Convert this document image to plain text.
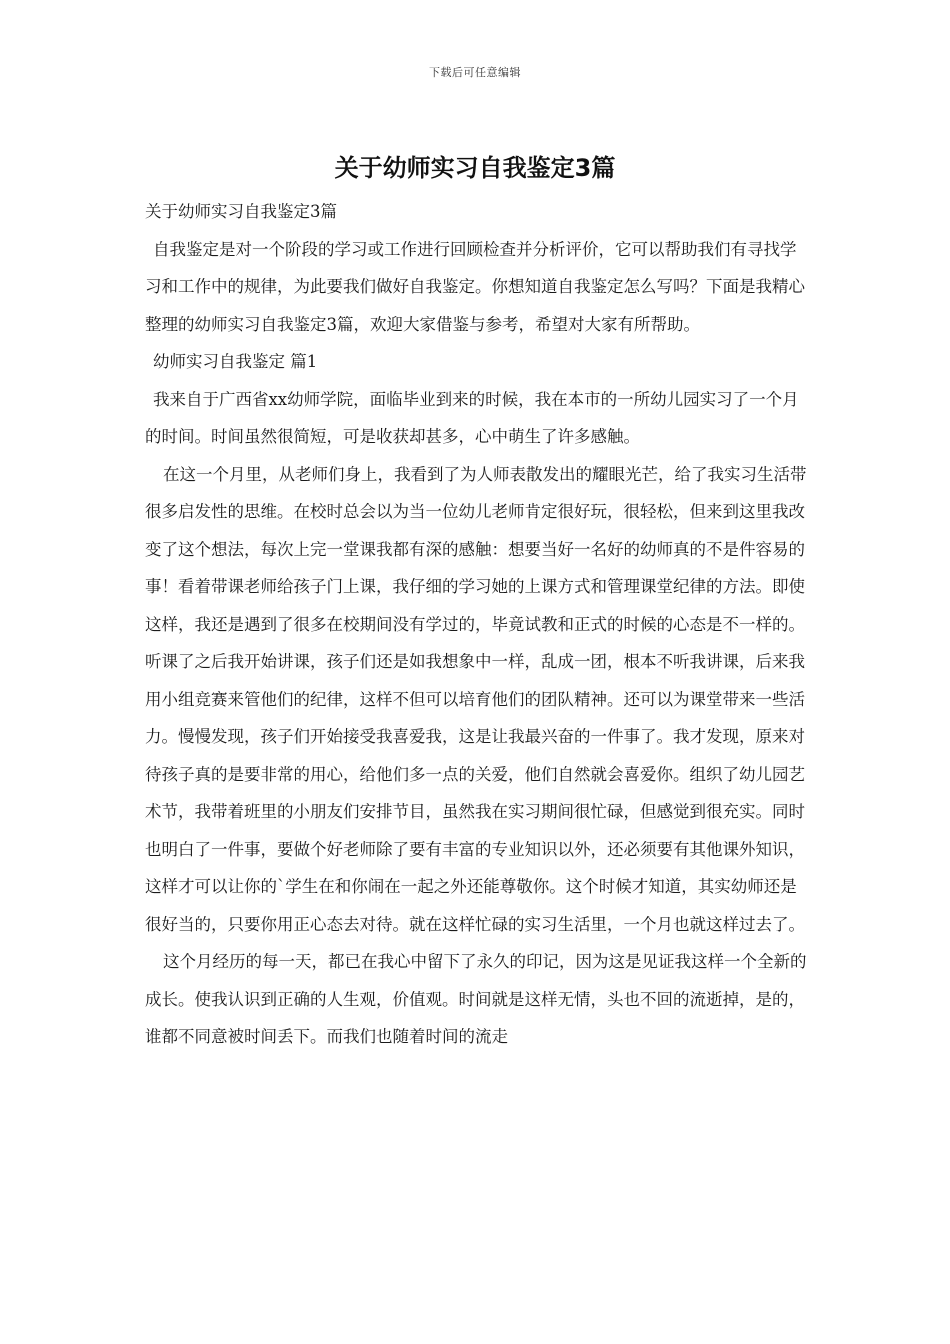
下载后可任意编辑
关于幼师实习自我鉴定3篇

关于幼师实习自我鉴定3篇

自我鉴定是对一个阶段的学习或工作进行回顾检查并分析评价，它可以帮助我们有寻找学习和工作中的规律，为此要我们做好自我鉴定。你想知道自我鉴定怎么写吗？下面是我精心整理的幼师实习自我鉴定3篇，欢迎大家借鉴与参考，希望对大家有所帮助。

幼师实习自我鉴定 篇1

我来自于广西省xx幼师学院，面临毕业到来的时候，我在本市的一所幼儿园实习了一个月的时间。时间虽然很简短，可是收获却甚多，心中萌生了许多感触。

在这一个月里，从老师们身上，我看到了为人师表散发出的耀眼光芒，给了我实习生活带很多启发性的思维。在校时总会以为当一位幼儿老师肯定很好玩，很轻松，但来到这里我改变了这个想法，每次上完一堂课我都有深的感触：想要当好一名好的幼师真的不是件容易的事！看着带课老师给孩子门上课，我仔细的学习她的上课方式和管理课堂纪律的方法。即使这样，我还是遇到了很多在校期间没有学过的，毕竟试教和正式的时候的心态是不一样的。听课了之后我开始讲课，孩子们还是如我想象中一样，乱成一团，根本不听我讲课，后来我用小组竞赛来管他们的纪律，这样不但可以培育他们的团队精神。还可以为课堂带来一些活力。慢慢发现，孩子们开始接受我喜爱我，这是让我最兴奋的一件事了。我才发现，原来对待孩子真的是要非常的用心，给他们多一点的关爱，他们自然就会喜爱你。组织了幼儿园艺术节，我带着班里的小朋友们安排节目，虽然我在实习期间很忙碌，但感觉到很充实。同时也明白了一件事，要做个好老师除了要有丰富的专业知识以外，还必须要有其他课外知识，这样才可以让你的`学生在和你闹在一起之外还能尊敬你。这个时候才知道，其实幼师还是很好当的，只要你用正心态去对待。就在这样忙碌的实习生活里，一个月也就这样过去了。

这个月经历的每一天，都已在我心中留下了永久的印记，因为这是见证我这样一个全新的成长。使我认识到正确的人生观，价值观。时间就是这样无情，头也不回的流逝掉，是的，谁都不同意被时间丢下。而我们也随着时间的流走
